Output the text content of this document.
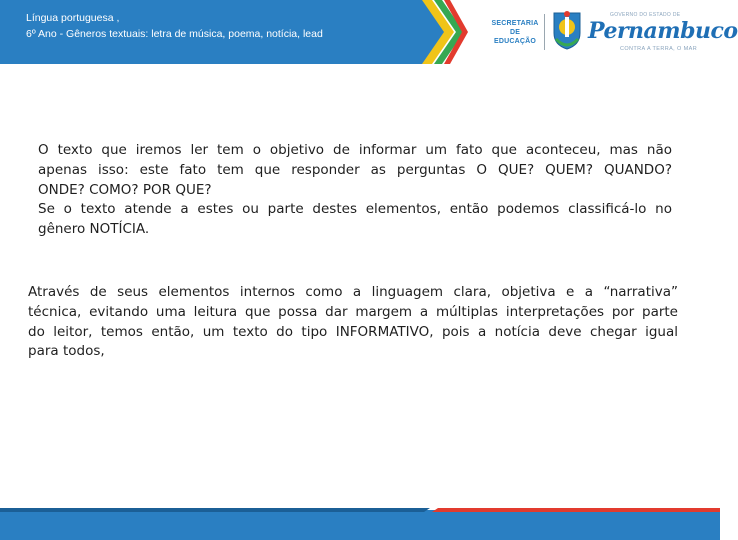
Língua portuguesa ,
6º Ano - Gêneros textuais: letra de música, poema, notícia, lead
SECRETARIA
DE EDUCAÇÃO
GOVERNO DO ESTADO DE
Pernambuco
CONTRA A TERRA, O MAR
O texto que iremos ler tem o objetivo de informar um fato que aconteceu, mas não
apenas isso: este fato tem que responder as perguntas O QUE? QUEM? QUANDO?
ONDE? COMO? POR QUE?
Se o texto atende a estes ou parte destes elementos, então podemos classificá-lo no
gênero NOTÍCIA.
Através de seus elementos internos como a linguagem clara, objetiva e a “narrativa”
técnica, evitando uma leitura que possa dar margem a múltiplas interpretações por parte
do leitor, temos então, um texto do tipo INFORMATIVO, pois a notícia deve chegar igual
para todos,
